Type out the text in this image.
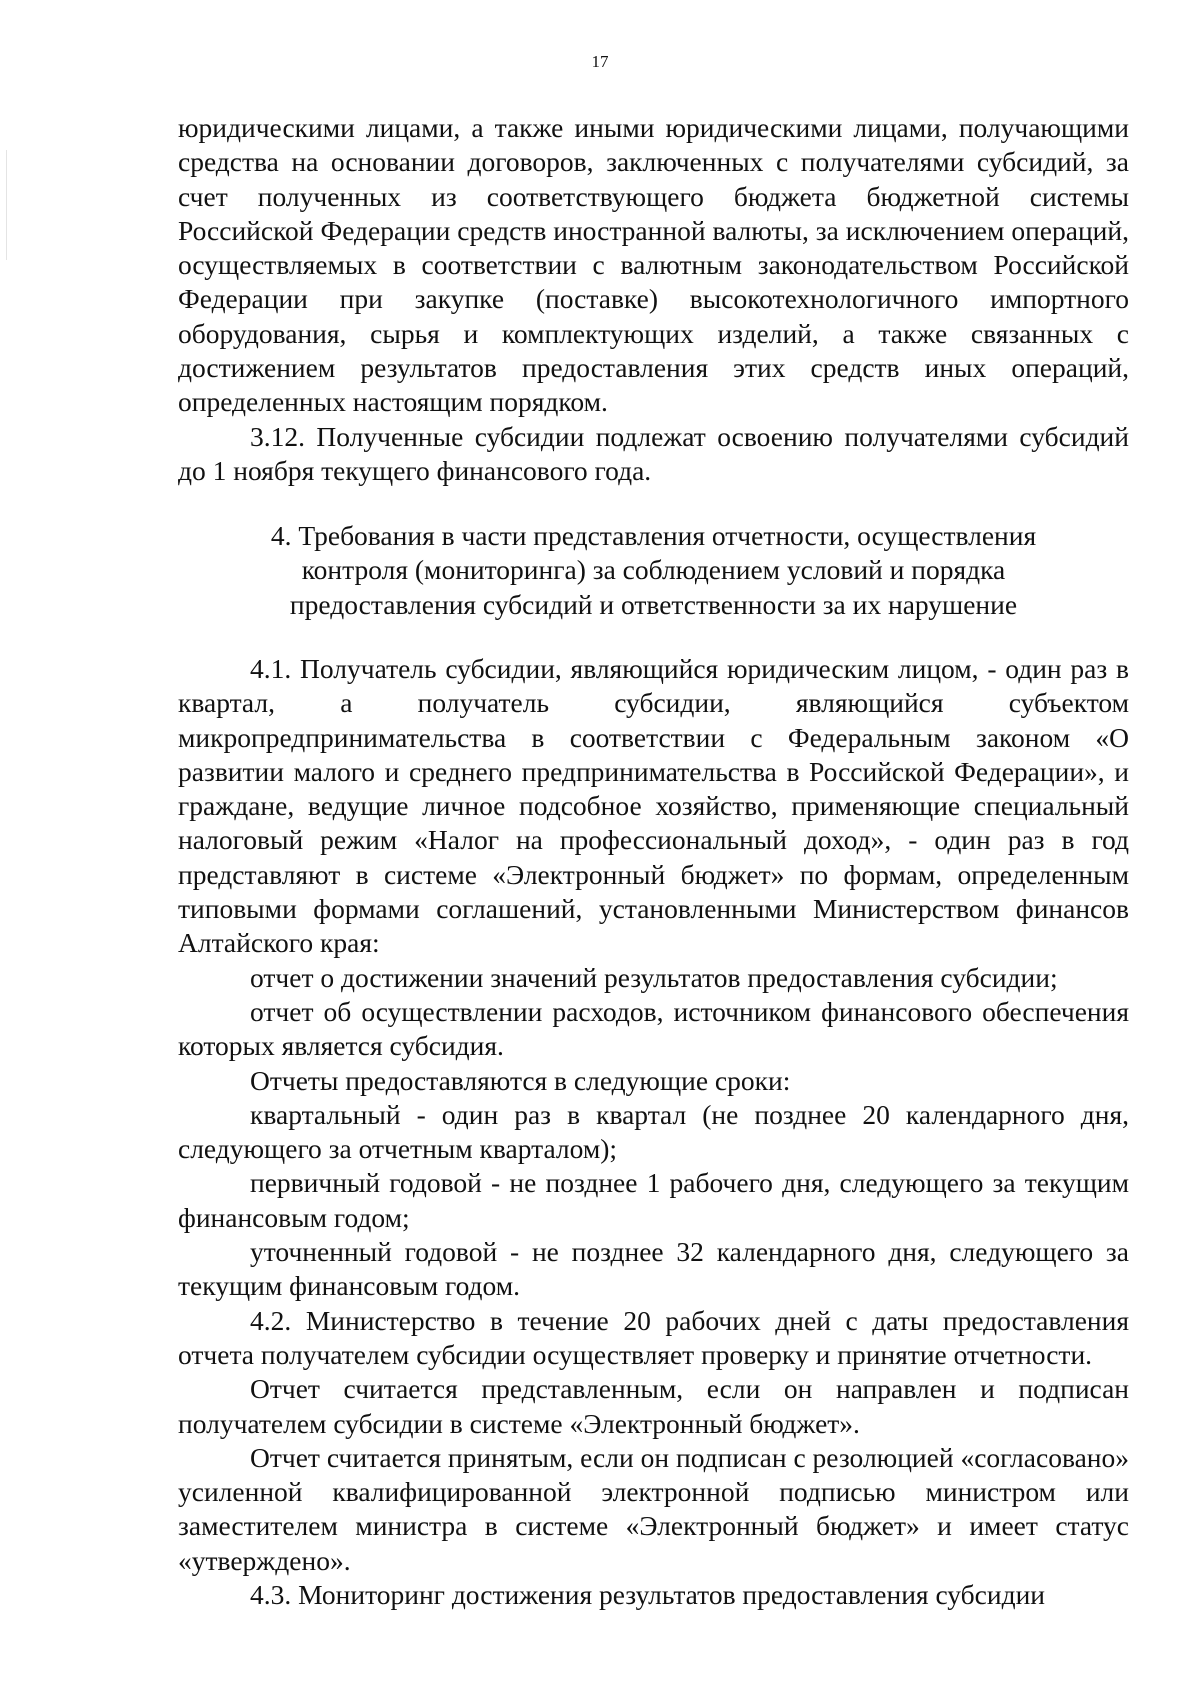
17

юридическими лицами, а также иными юридическими лицами, получающими средства на основании договоров, заключенных с получателями субсидий, за счет полученных из соответствующего бюджета бюджетной системы Российской Федерации средств иностранной валюты, за исключением операций, осуществляемых в соответствии с валютным законодательством Российской Федерации при закупке (поставке) высокотехнологичного импортного оборудования, сырья и комплектующих изделий, а также связанных с достижением результатов предоставления этих средств иных операций, определенных настоящим порядком.

3.12. Полученные субсидии подлежат освоению получателями субсидий до 1 ноября текущего финансового года.

4. Требования в части представления отчетности, осуществления

контроля (мониторинга) за соблюдением условий и порядка

предоставления субсидий и ответственности за их нарушение

4.1. Получатель субсидии, являющийся юридическим лицом, - один раз в квартал, а получатель субсидии, являющийся субъектом микропредпринимательства в соответствии с Федеральным законом «О развитии малого и среднего предпринимательства в Российской Федерации», и граждане, ведущие личное подсобное хозяйство, применяющие специальный налоговый режим «Налог на профессиональный доход», - один раз в год представляют в системе «Электронный бюджет» по формам, определенным типовыми формами соглашений, установленными Министерством финансов Алтайского края:

отчет о достижении значений результатов предоставления субсидии;

отчет об осуществлении расходов, источником финансового обеспечения которых является субсидия.

Отчеты предоставляются в следующие сроки:

квартальный - один раз в квартал (не позднее 20 календарного дня, следующего за отчетным кварталом);

первичный годовой - не позднее 1 рабочего дня, следующего за текущим финансовым годом;

уточненный годовой - не позднее 32 календарного дня, следующего за текущим финансовым годом.

4.2. Министерство в течение 20 рабочих дней с даты предоставления отчета получателем субсидии осуществляет проверку и принятие отчетности.

Отчет считается представленным, если он направлен и подписан получателем субсидии в системе «Электронный бюджет».

Отчет считается принятым, если он подписан с резолюцией «согласовано» усиленной квалифицированной электронной подписью министром или заместителем министра в системе «Электронный бюджет» и имеет статус «утверждено».

4.3. Мониторинг достижения результатов предоставления субсидии
